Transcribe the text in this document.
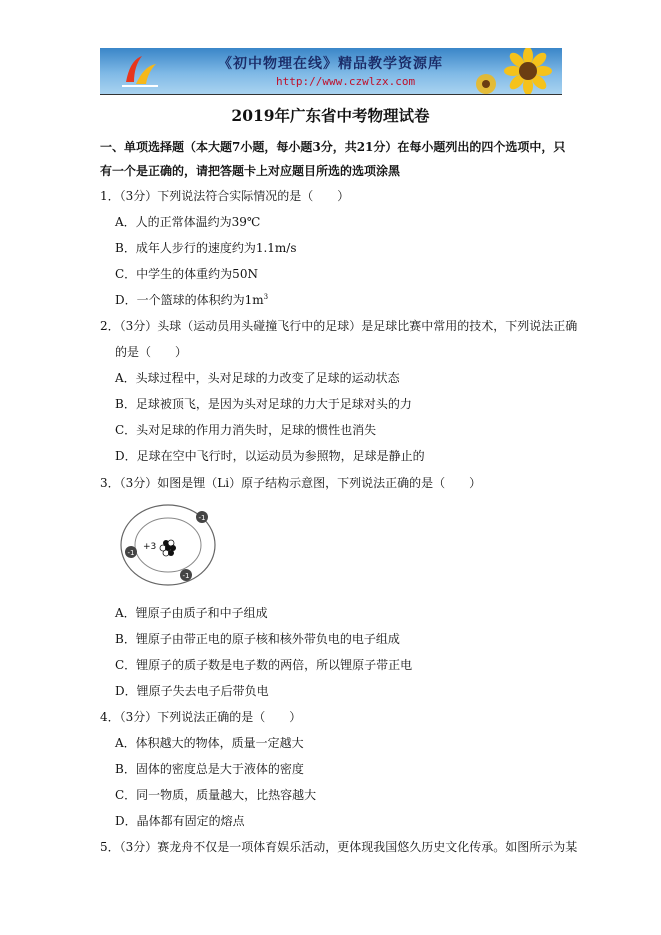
《初中物理在线》精品教学资源库
http://www.czwlzx.com
2019年广东省中考物理试卷
一、单项选择题（本大题7小题，每小题3分，共21分）在每小题列出的四个选项中，只
有一个是正确的，请把答题卡上对应题目所选的选项涂黑
1．（3分）下列说法符合实际情况的是（　　）
A．人的正常体温约为39℃
B．成年人步行的速度约为1.1m/s
C．中学生的体重约为50N
D．一个篮球的体积约为$1m^3$
2．（3分）头球（运动员用头碰撞飞行中的足球）是足球比赛中常用的技术，下列说法正确
的是（　　）
A．头球过程中，头对足球的力改变了足球的运动状态
B．足球被顶飞，是因为头对足球的力大于足球对头的力
C．头对足球的作用力消失时，足球的惯性也消失
D．足球在空中飞行时，以运动员为参照物，足球是静止的
3．（3分）如图是锂（Li）原子结构示意图，下列说法正确的是（　　）
+3
-1
-1
-1
A．锂原子由质子和中子组成
B．锂原子由带正电的原子核和核外带负电的电子组成
C．锂原子的质子数是电子数的两倍，所以锂原子带正电
D．锂原子失去电子后带负电
4．（3分）下列说法正确的是（　　）
A．体积越大的物体，质量一定越大
B．固体的密度总是大于液体的密度
C．同一物质，质量越大，比热容越大
D．晶体都有固定的熔点
5．（3分）赛龙舟不仅是一项体育娱乐活动，更体现我国悠久历史文化传承。如图所示为某
